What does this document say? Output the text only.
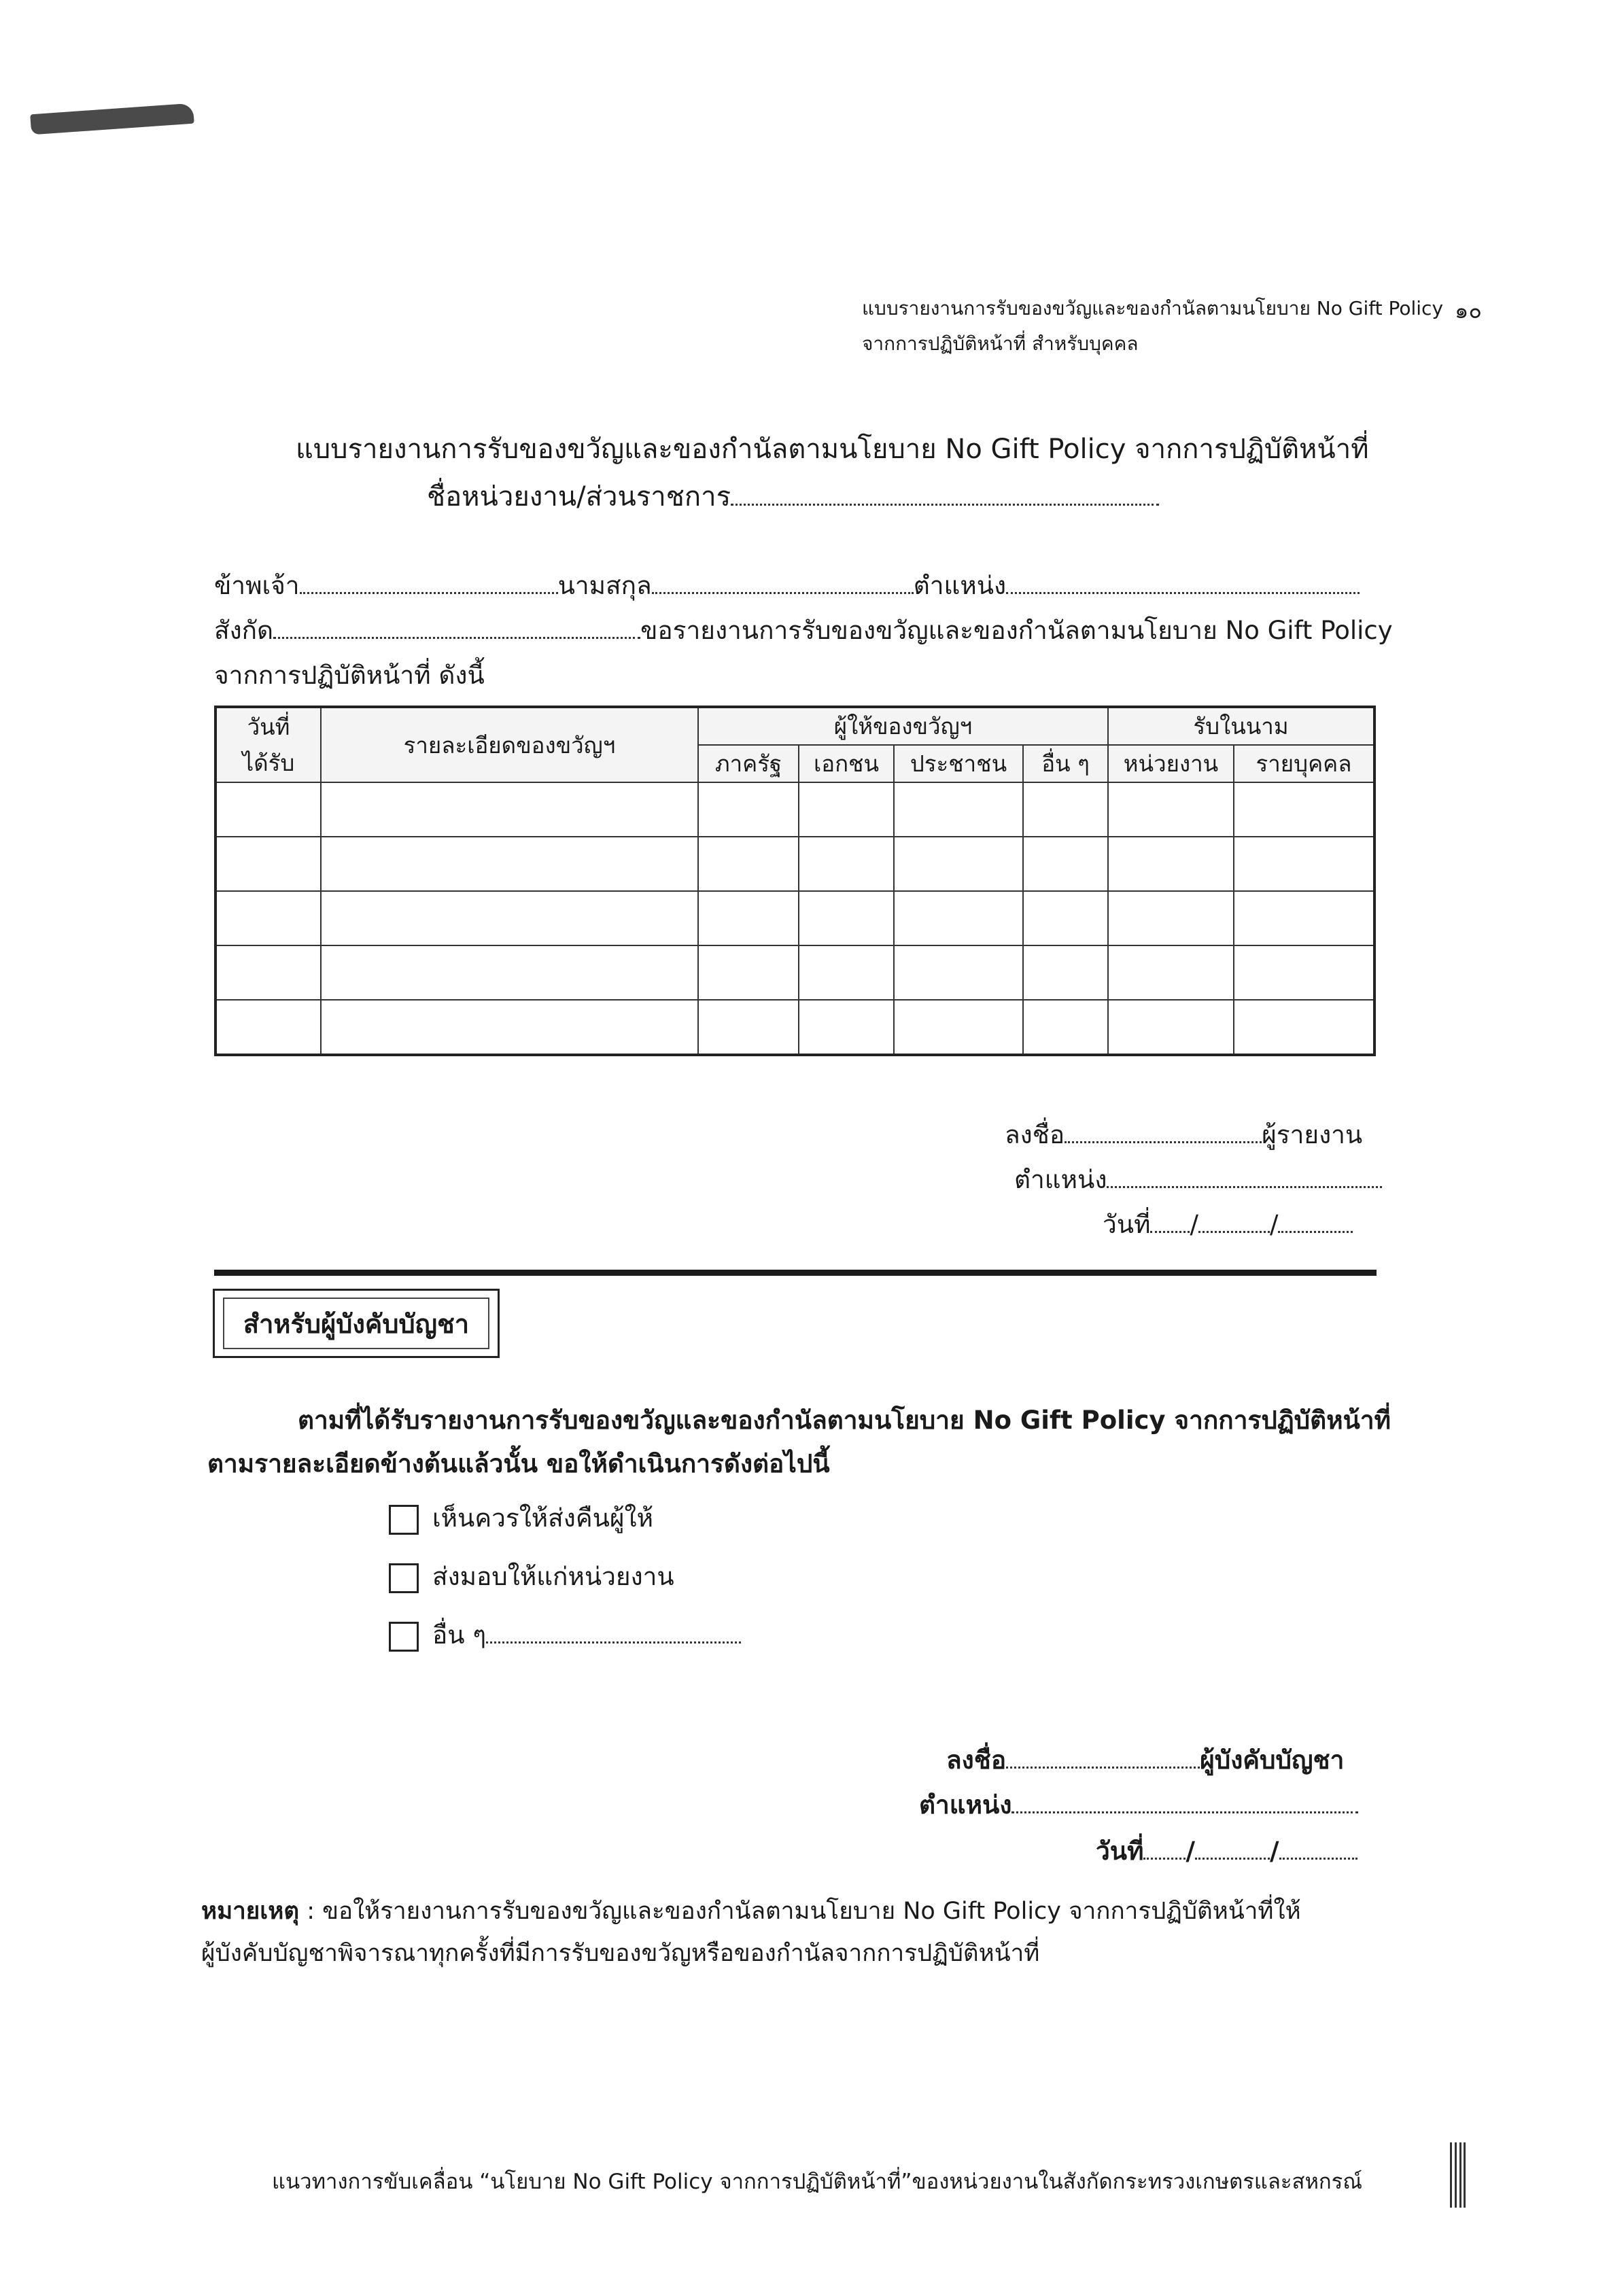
แบบรายงานการรับของขวัญและของกำนัลตามนโยบาย No Gift Policy
จากการปฏิบัติหน้าที่ สำหรับบุคคล
๑๐
แบบรายงานการรับของขวัญและของกำนัลตามนโยบาย No Gift Policy จากการปฏิบัติหน้าที่
ชื่อหน่วยงาน/ส่วนราชการ
ข้าพเจ้า	นามสกุล	ตำแหน่ง
สังกัด	ขอรายงานการรับของขวัญและของกำนัลตามนโยบาย No Gift Policy
จากการปฏิบัติหน้าที่ ดังนี้
วันที่
ได้รับ	รายละเอียดของขวัญฯ	ผู้ให้ของขวัญฯ				รับในนาม	
		ภาครัฐ	เอกชน	ประชาชน	อื่น ๆ	หน่วยงาน	รายบุคคล

ลงชื่อ	ผู้รายงาน
ตำแหน่ง
วันที่ /	/
สำหรับผู้บังคับบัญชา
ตามที่ได้รับรายงานการรับของขวัญและของกำนัลตามนโยบาย No Gift Policy จากการปฏิบัติหน้าที่
ตามรายละเอียดข้างต้นแล้วนั้น ขอให้ดำเนินการดังต่อไปนี้
เห็นควรให้ส่งคืนผู้ให้
ส่งมอบให้แก่หน่วยงาน
อื่น ๆ
ลงชื่อ	ผู้บังคับบัญชา
ตำแหน่ง
วันที่ /	/
หมายเหตุ : ขอให้รายงานการรับของขวัญและของกำนัลตามนโยบาย No Gift Policy จากการปฏิบัติหน้าที่ให้
ผู้บังคับบัญชาพิจารณาทุกครั้งที่มีการรับของขวัญหรือของกำนัลจากการปฏิบัติหน้าที่
แนวทางการขับเคลื่อน “นโยบาย No Gift Policy จากการปฏิบัติหน้าที่”ของหน่วยงานในสังกัดกระทรวงเกษตรและสหกรณ์
